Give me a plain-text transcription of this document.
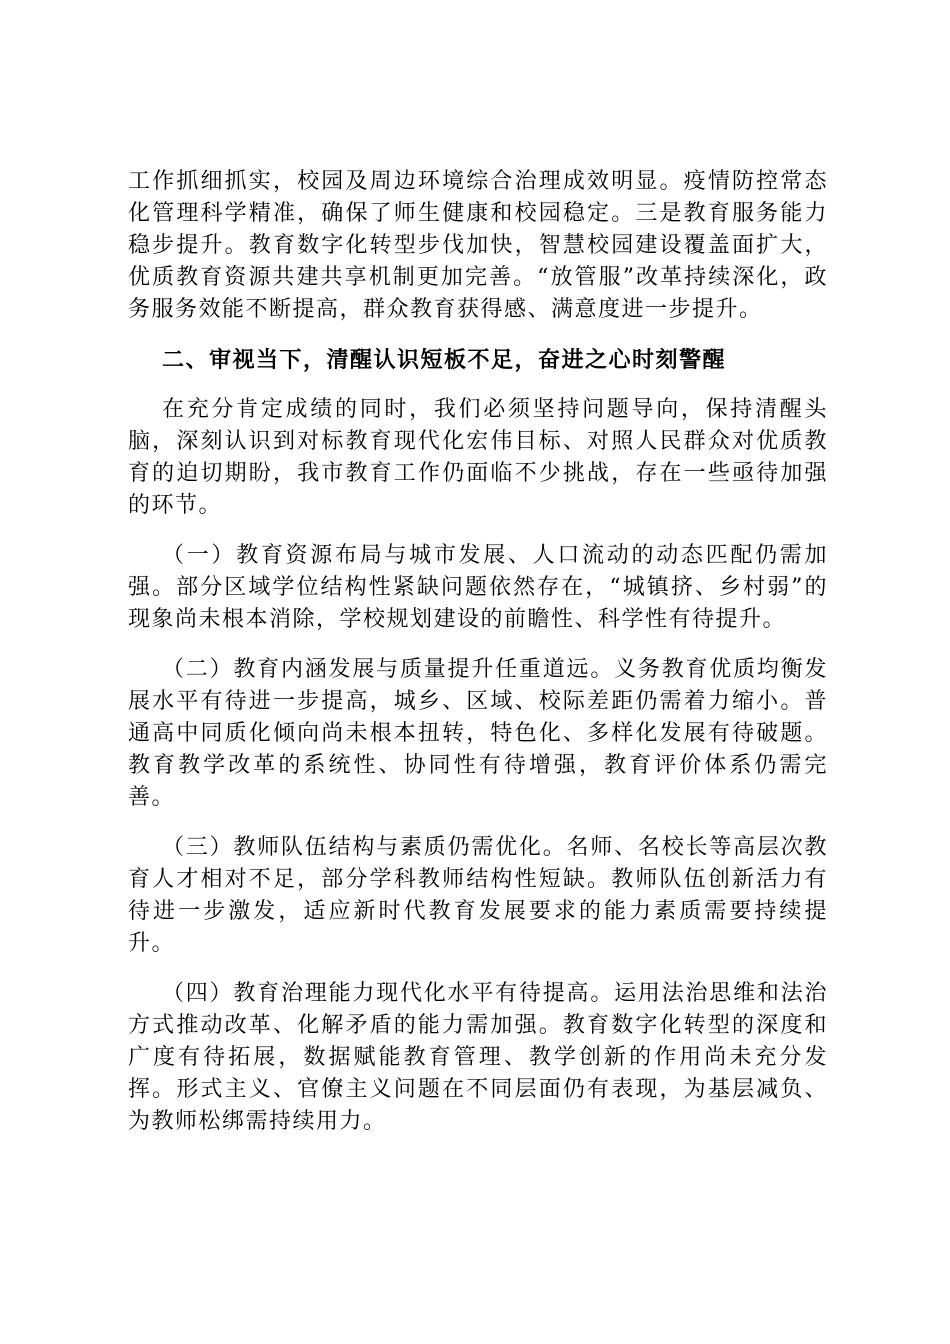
工作抓细抓实，校园及周边环境综合治理成效明显。疫情防控常态化管理科学精准，确保了师生健康和校园稳定。三是教育服务能力稳步提升。教育数字化转型步伐加快，智慧校园建设覆盖面扩大，优质教育资源共建共享机制更加完善。“放管服”改革持续深化，政务服务效能不断提高，群众教育获得感、满意度进一步提升。

二、审视当下，清醒认识短板不足，奋进之心时刻警醒

在充分肯定成绩的同时，我们必须坚持问题导向，保持清醒头脑，深刻认识到对标教育现代化宏伟目标、对照人民群众对优质教育的迫切期盼，我市教育工作仍面临不少挑战，存在一些亟待加强的环节。

（一）教育资源布局与城市发展、人口流动的动态匹配仍需加强。部分区域学位结构性紧缺问题依然存在，“城镇挤、乡村弱”的现象尚未根本消除，学校规划建设的前瞻性、科学性有待提升。

（二）教育内涵发展与质量提升任重道远。义务教育优质均衡发展水平有待进一步提高，城乡、区域、校际差距仍需着力缩小。普通高中同质化倾向尚未根本扭转，特色化、多样化发展有待破题。教育教学改革的系统性、协同性有待增强，教育评价体系仍需完善。

（三）教师队伍结构与素质仍需优化。名师、名校长等高层次教育人才相对不足，部分学科教师结构性短缺。教师队伍创新活力有待进一步激发，适应新时代教育发展要求的能力素质需要持续提升。

（四）教育治理能力现代化水平有待提高。运用法治思维和法治方式推动改革、化解矛盾的能力需加强。教育数字化转型的深度和广度有待拓展，数据赋能教育管理、教学创新的作用尚未充分发挥。形式主义、官僚主义问题在不同层面仍有表现，为基层减负、为教师松绑需持续用力。
